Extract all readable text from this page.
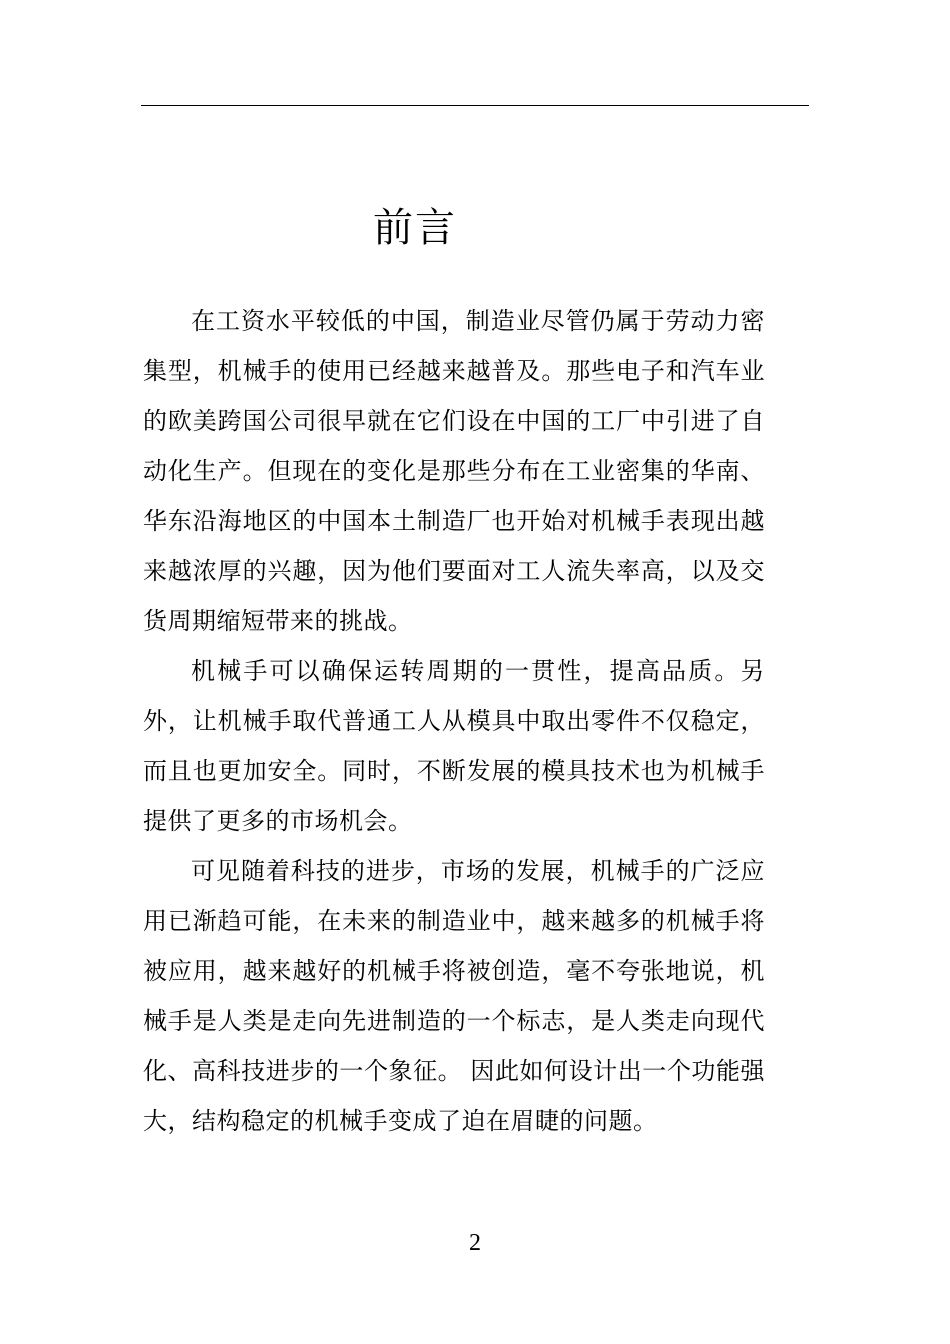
前言

在工资水平较低的中国，制造业尽管仍属于劳动力密集型，机械手的使用已经越来越普及。那些电子和汽车业的欧美跨国公司很早就在它们设在中国的工厂中引进了自动化生产。但现在的变化是那些分布在工业密集的华南、华东沿海地区的中国本土制造厂也开始对机械手表现出越来越浓厚的兴趣，因为他们要面对工人流失率高，以及交货周期缩短带来的挑战。

机械手可以确保运转周期的一贯性，提高品质。另外，让机械手取代普通工人从模具中取出零件不仅稳定，而且也更加安全。同时，不断发展的模具技术也为机械手提供了更多的市场机会。

可见随着科技的进步，市场的发展，机械手的广泛应用已渐趋可能，在未来的制造业中，越来越多的机械手将被应用，越来越好的机械手将被创造，毫不夸张地说，机械手是人类是走向先进制造的一个标志，是人类走向现代化、高科技进步的一个象征。 因此如何设计出一个功能强大，结构稳定的机械手变成了迫在眉睫的问题。

2
